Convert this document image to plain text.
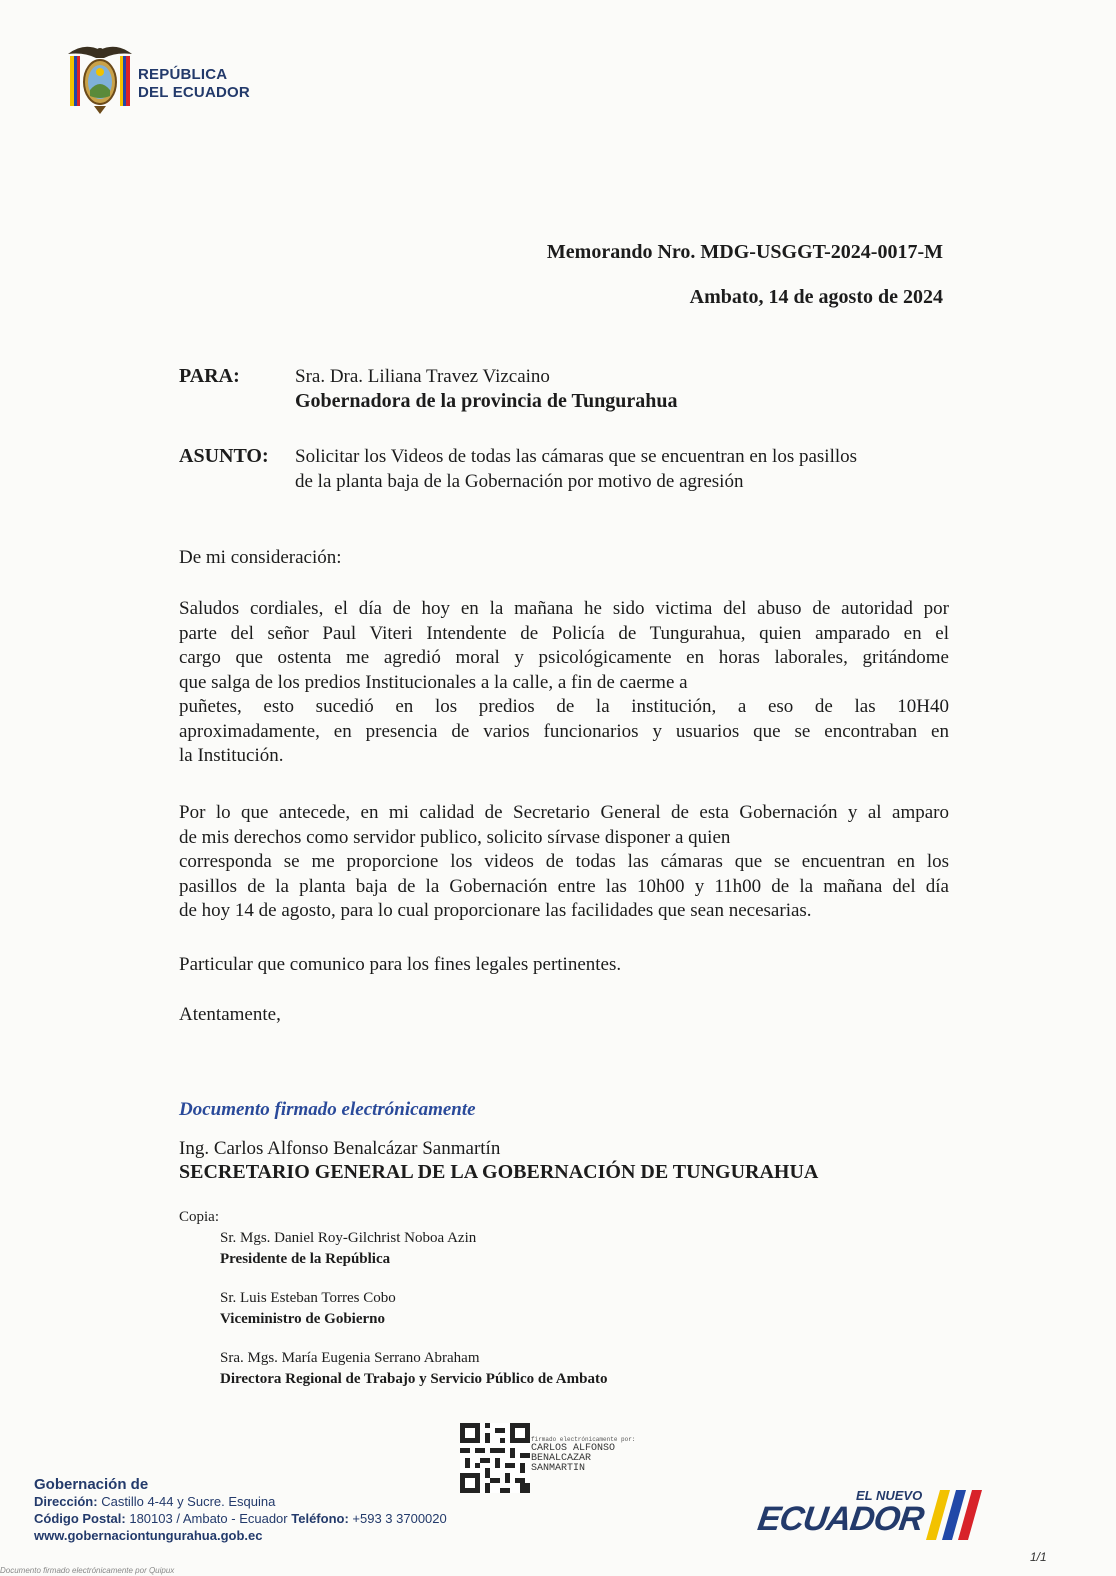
REPÚBLICA
DEL ECUADOR
Memorando Nro. MDG-USGGT-2024-0017-M
Ambato, 14 de agosto de 2024
PARA:	Sra. Dra. Liliana Travez Vizcaino
Gobernadora de la provincia de Tungurahua
ASUNTO: Solicitar los Videos de todas las cámaras que se encuentran en los pasillos
de la planta baja de la Gobernación por motivo de agresión

De mi consideración:

Saludos cordiales, el día de hoy en la mañana he sido victima del abuso de autoridad por
parte del señor Paul Viteri Intendente de Policía de Tungurahua, quien amparado en el
cargo que ostenta me agredió moral y psicológicamente en horas laborales, gritándome
que salga de los predios Institucionales a la calle, a fin de caerme a
puñetes, esto sucedió en los predios de la institución, a eso de las 10H40
aproximadamente, en presencia de varios funcionarios y usuarios que se encontraban en
la Institución.
Por lo que antecede, en mi calidad de Secretario General de esta Gobernación y al amparo
de mis derechos como servidor publico, solicito sírvase disponer a quien
corresponda se me proporcione los videos de todas las cámaras que se encuentran en los
pasillos de la planta baja de la Gobernación entre las 10h00 y 11h00 de la mañana del día
de hoy 14 de agosto, para lo cual proporcionare las facilidades que sean necesarias.

Particular que comunico para los fines legales pertinentes.

Atentamente,

Documento firmado electrónicamente
Ing. Carlos Alfonso Benalcázar Sanmartín
SECRETARIO GENERAL DE LA GOBERNACIÓN DE TUNGURAHUA
Copia:
Sr. Mgs. Daniel Roy-Gilchrist Noboa Azin
Presidente de la República
Sr. Luis Esteban Torres Cobo
Viceministro de Gobierno
Sra. Mgs. María Eugenia Serrano Abraham
Directora Regional de Trabajo y Servicio Público de Ambato
firmado electrónicamente por:
CARLOS ALFONSO
BENALCAZAR
SANMARTIN
Gobernación de
Dirección: Castillo 4-44 y Sucre. Esquina
Código Postal: 180103 / Ambato - Ecuador Teléfono: +593 3 3700020
www.gobernaciontungurahua.gob.ec
EL NUEVO
ECUADOR
1/1
Documento firmado electrónicamente por Quipux
